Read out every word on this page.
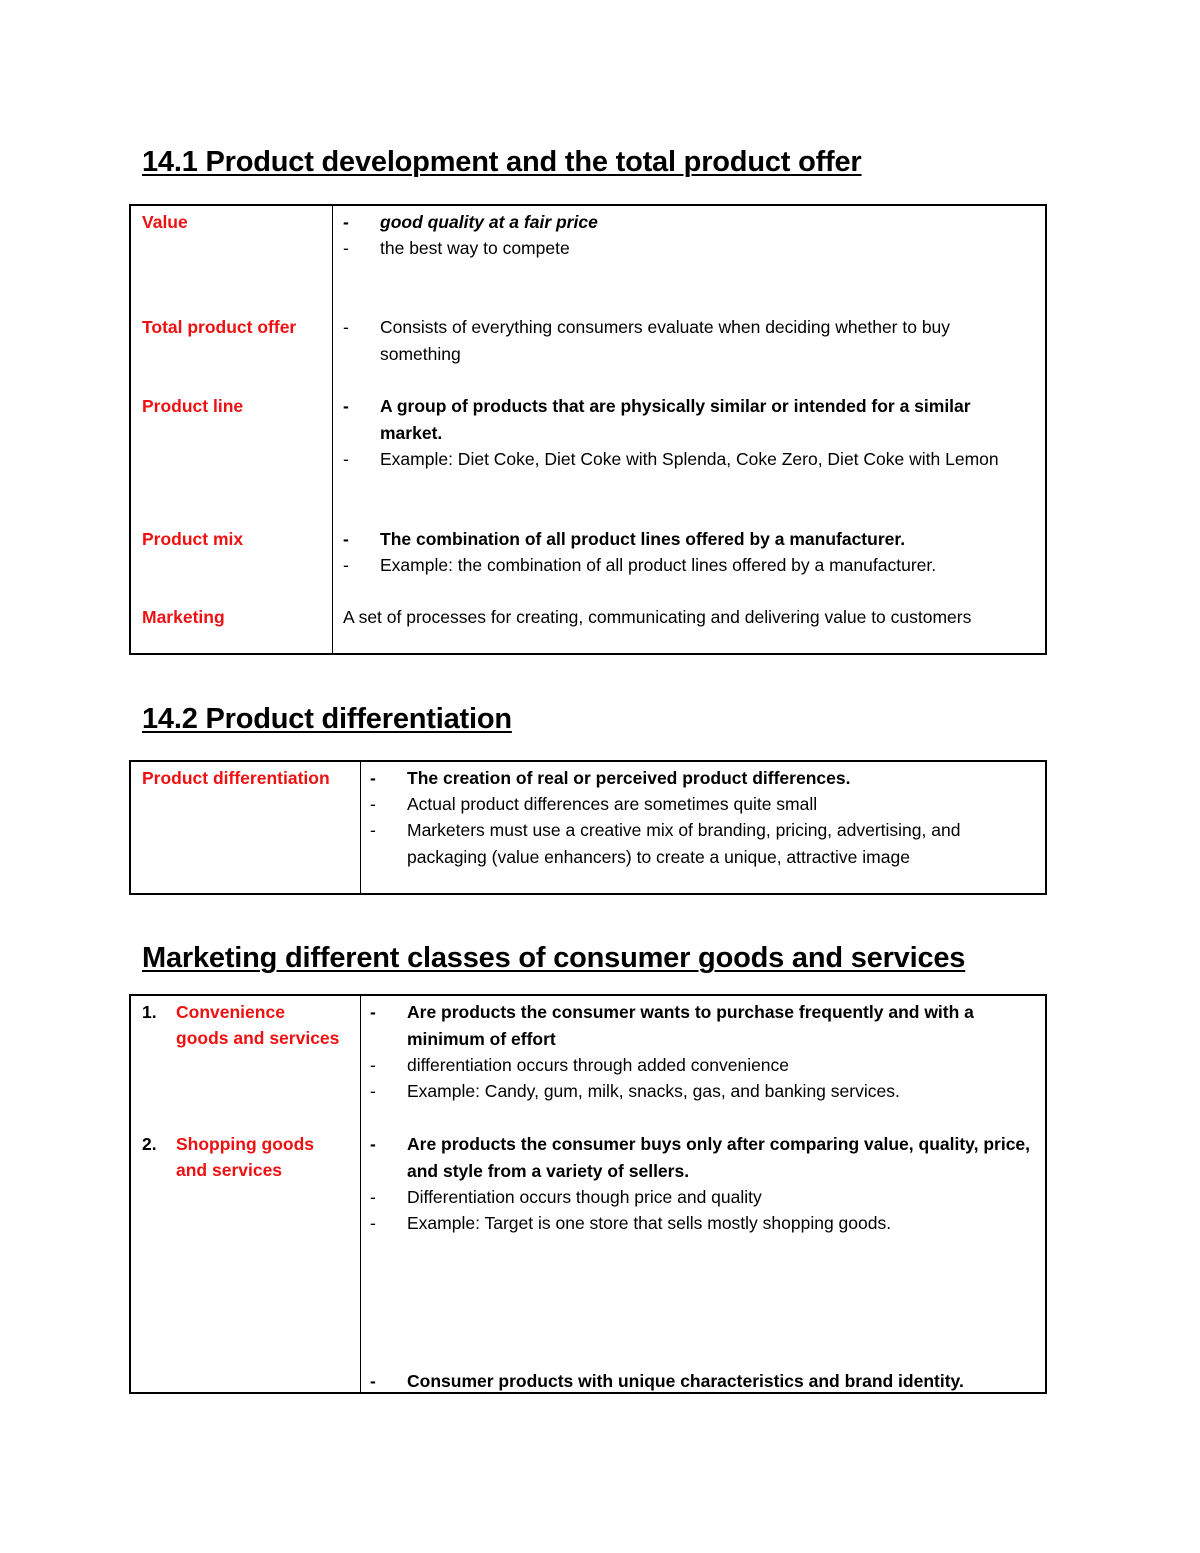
14.1 Product development and the total product offer
Value	- good quality at a fair price
- the best way to compete
Total product offer	- Consists of everything consumers evaluate when deciding whether to buy something
Product line	- A group of products that are physically similar or intended for a similar market.
- Example: Diet Coke, Diet Coke with Splenda, Coke Zero, Diet Coke with Lemon
Product mix	- The combination of all product lines offered by a manufacturer.
- Example: the combination of all product lines offered by a manufacturer.
Marketing	A set of processes for creating, communicating and delivering value to customers
14.2 Product differentiation
Product differentiation - The creation of real or perceived product differences.
- Actual product differences are sometimes quite small
- Marketers must use a creative mix of branding, pricing, advertising, and packaging (value enhancers) to create a unique, attractive image
Marketing different classes of consumer goods and services
1. Convenience
goods and services
- Are products the consumer wants to purchase frequently and with a minimum of effort
- differentiation occurs through added convenience
- Example: Candy, gum, milk, snacks, gas, and banking services.
2. Shopping goods
and services
- Are products the consumer buys only after comparing value, quality, price, and style from a variety of sellers.
- Differentiation occurs though price and quality
- Example: Target is one store that sells mostly shopping goods.
- Consumer products with unique characteristics and brand identity.
